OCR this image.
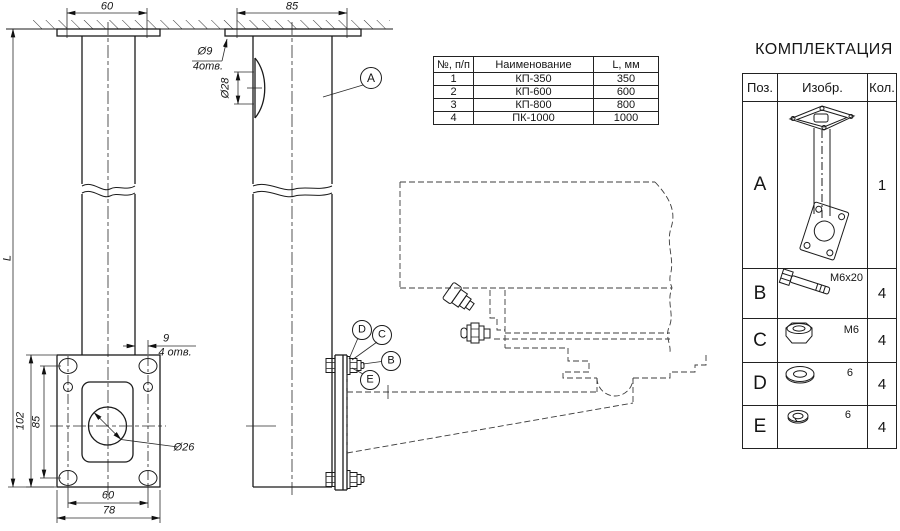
60
L
9
4 отв.
102 85
Ø26
60
78
85
Ø9
4отв.
Ø28	A
D C
B
E
№, п/п	Наименование	L, мм
1	КП-350	350
2	КП-600	600
3	КП-800	800
4	ПК-1000	1000
КОМПЛЕКТАЦИЯ
Поз.	Изобр.	Кол.
A		1
B	M6x20	4
C	M6	4
D	6	4
E	6	4
